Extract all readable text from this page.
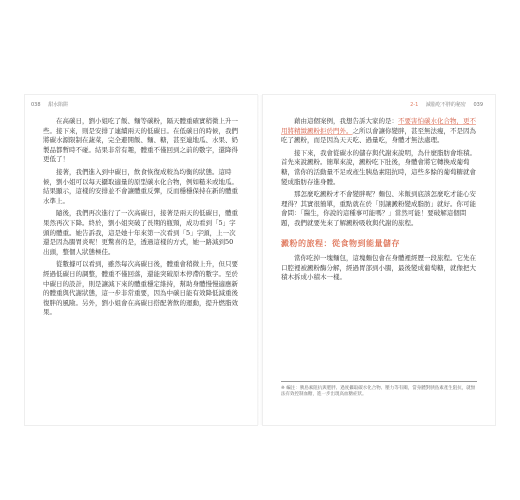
038 甜水陷阱

在高碳日，劉小姐吃了飯、麵等碳粉，隔天體重確實稍微上升一些。接下來，則是安排了連續兩天的低碳日。在低碳日的時候，我們將碳水源限制在蔬菜，完全避開飯、麵、糖，甚至連地瓜、水果、奶製品都暫時不碰。結果非常有趣，體重不僅回到之前的數字，還降得更低了！

接著，我們進入到中碳日，飲食恢復成較為均衡的狀態。這時候，劉小姐可以每天攝取適量的原型碳水化合物，例如糙米或地瓜。結果顯示，這樣的安排並不會讓體重反彈，反而穩穩保持在新的體重水準上。

隨後，我們再次進行了一次高碳日，接著是兩天的低碳日，體重果然再次下降。終於，劉小姐突破了長期的瓶頸，成功看到「5」字頭的體重。她告訴我，這是她十年來第一次看到「5」字頭，上一次還是因為腸胃炎呢！更驚喜的是，透過這樣的方式，她一路減到50出頭，整個人狀態極佳。

從數據可以看到，雖然每次高碳日後，體重會稍微上升，但只要經過低碳日的調整，體重不僅回落，還能突破原本停滯的數字。至於中碳日的設計，則是讓減下來的體重穩定維持，幫助身體慢慢適應新的體重與代謝狀態，這一步非常重要，因為中碳日能有效降低減重後復胖的風險。另外，劉小姐會在高碳日搭配著飲的運動，提升燃脂效果。

2-1 減脂吃不胖的秘密 039

藉由這個案例，我想告訴大家的是：不要害怕碳水化合物，更不用將精緻澱粉拒於門外。之所以會讓你變胖，甚至無法瘦，不是因為吃了澱粉，而是因為天天吃、過量吃，身體才無法處理。

接下來，我會從碳水的儲存與代謝來說明，為什麼脂肪會堆積。首先來說澱粉。簡單來說，澱粉吃下肚後，身體會將它轉換成葡萄糖，當你的活動量不足或產生胰島素阻抗時，這些多餘的葡萄糖就會變成脂肪存進身體。

那怎麼吃澱粉才不會變胖呢？麵包、米飯到底該怎麼吃才能心安理得？其實很簡單，重點就在於「別讓澱粉變成脂肪」就好。你可能會問：「醫生，你說的這種事可能嗎？」當然可能！要破解這個問題，我們就要先來了解澱粉吸收與代謝的旅程。

澱粉的旅程：從食物到能量儲存

當你吃掉一塊麵包，這塊麵包會在身體裡經歷一段旅程。它先在口腔裡被澱粉酶分解，經過胃部到小腸，最後變成葡萄糖，就像把大積木拆成小積木一樣。

※ 編注：胰島素阻抗與肥胖、過度攝取碳水化合物、壓力等有關，當身體對胰島素產生阻抗，就無法有效控制血糖，進一步出現高血糖症狀。
